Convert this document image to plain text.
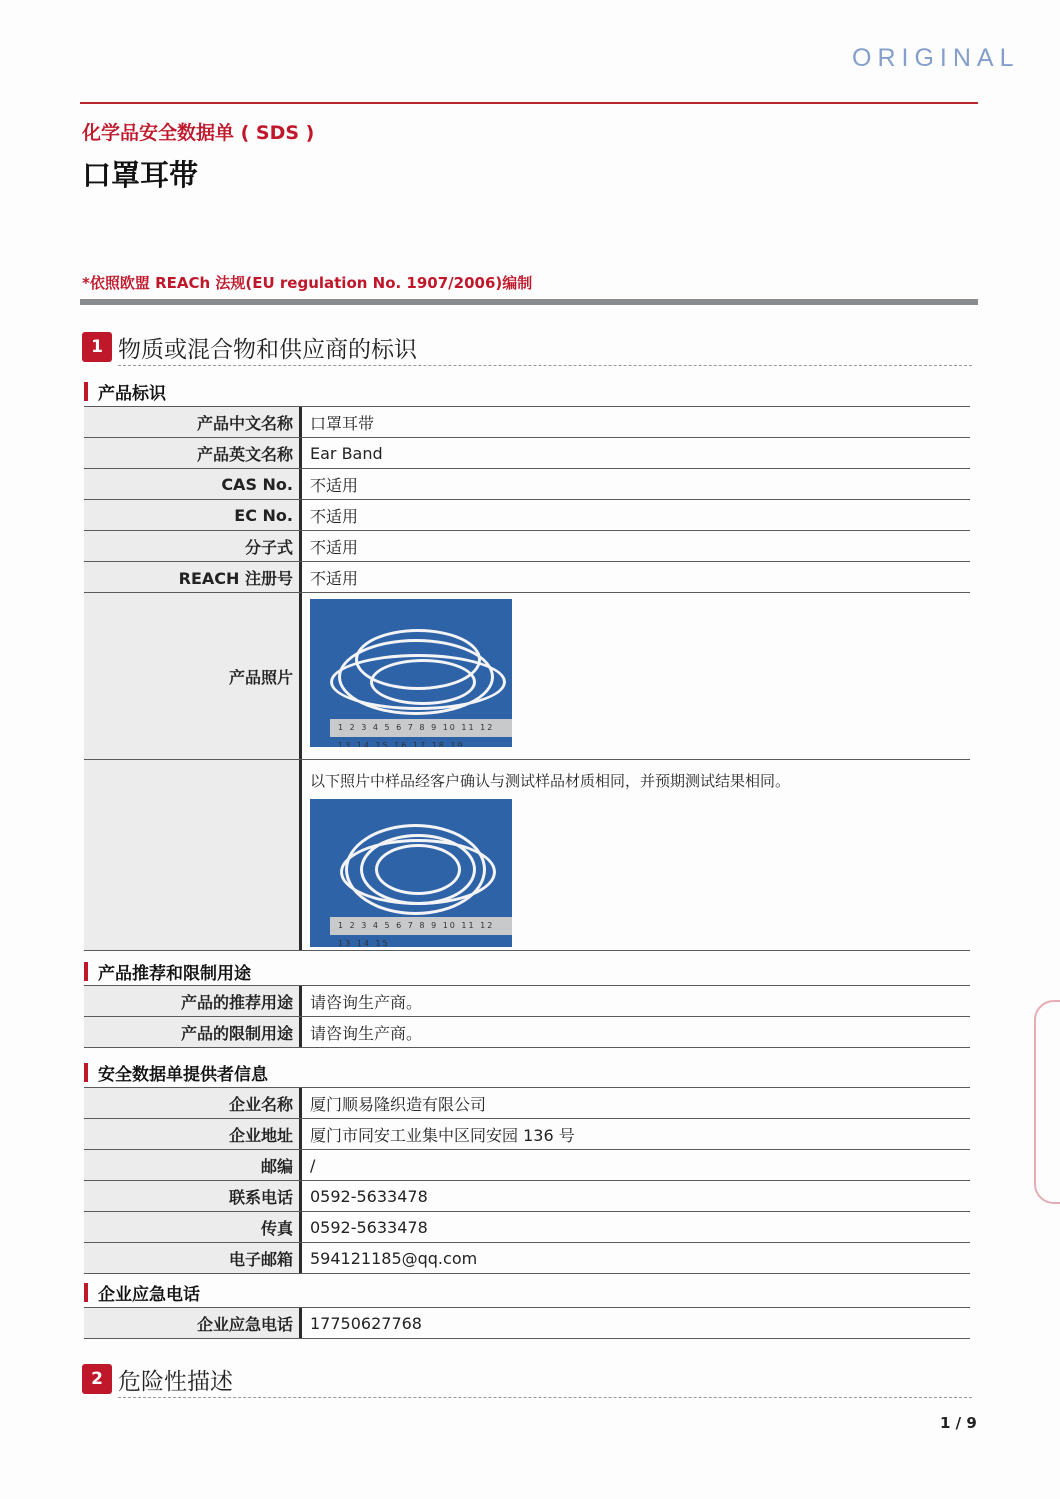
ORIGINAL
化学品安全数据单 ( SDS )
口罩耳带
*依照欧盟 REACh 法规(EU regulation No. 1907/2006)编制
1 物质或混合物和供应商的标识
产品标识
产品中文名称	口罩耳带
产品英文名称	Ear Band
CAS No.	不适用
EC No.	不适用
分子式	不适用
REACH 注册号	不适用
产品照片
1 2 3 4 5 6 7 8 9 10 11 12 13 14 15 16 17 18 19
以下照片中样品经客户确认与测试样品材质相同，并预期测试结果相同。
1 2 3 4 5 6 7 8 9 10 11 12 13 14 15
产品推荐和限制用途
产品的推荐用途	请咨询生产商。
产品的限制用途	请咨询生产商。
安全数据单提供者信息
企业名称	厦门顺易隆织造有限公司
企业地址	厦门市同安工业集中区同安园 136 号
邮编	/
联系电话	0592-5633478
传真	0592-5633478
电子邮箱	594121185@qq.com
企业应急电话
企业应急电话	17750627768
2 危险性描述
1 / 9
